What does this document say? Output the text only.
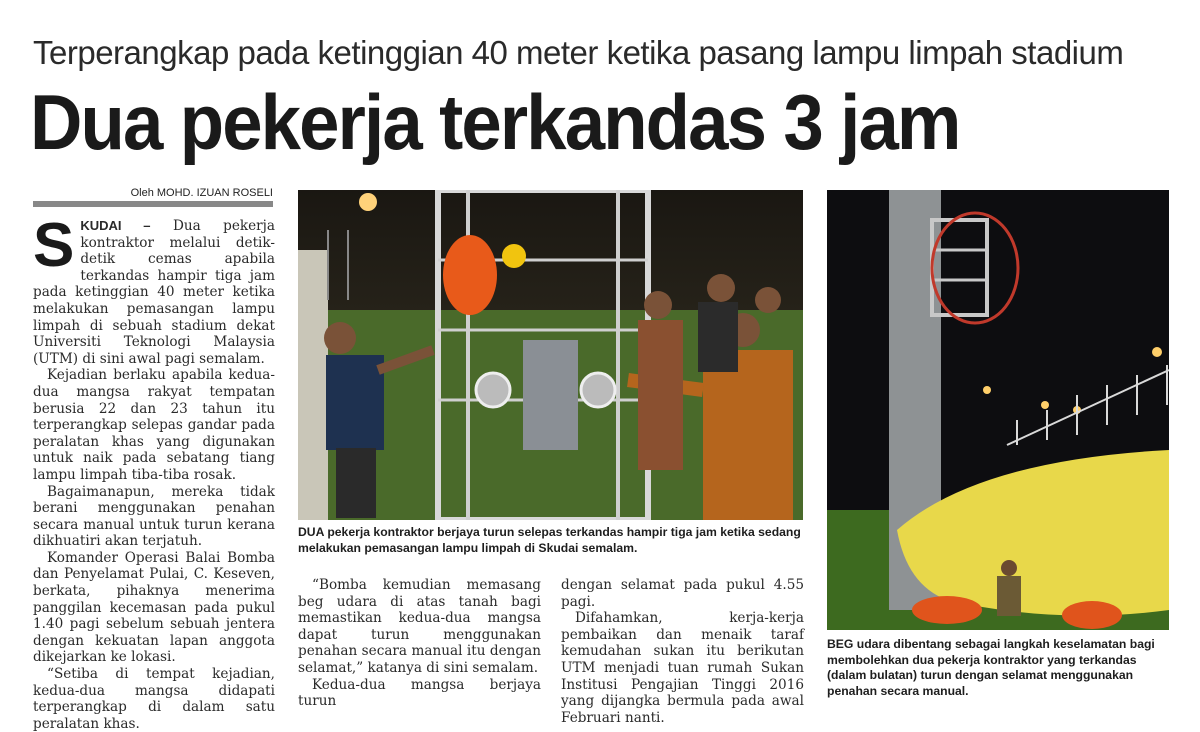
Terperangkap pada ketinggian 40 meter ketika pasang lampu limpah stadium
Dua pekerja terkandas 3 jam
Oleh MOHD. IZUAN ROSELI

SKUDAI – Dua pekerja kontraktor melalui detik-detik cemas apabila terkandas hampir tiga jam pada ketinggian 40 meter ketika melakukan pemasangan lampu limpah di sebuah stadium dekat Universiti Teknologi Malaysia (UTM) di sini awal pagi semalam.

Kejadian berlaku apabila kedua-dua mangsa rakyat tempatan berusia 22 dan 23 tahun itu terperangkap selepas gandar pada peralatan khas yang digunakan untuk naik pada sebatang tiang lampu limpah tiba-tiba rosak.

Bagaimanapun, mereka tidak berani menggunakan penahan secara manual untuk turun kerana dikhuatiri akan terjatuh.

Komander Operasi Balai Bomba dan Penyelamat Pulai, C. Keseven, berkata, pihaknya menerima panggilan kecemasan pada pukul 1.40 pagi sebelum sebuah jentera dengan kekuatan lapan anggota dikejarkan ke lokasi.

“Setiba di tempat kejadian, kedua-dua mangsa didapati terperangkap di dalam satu peralatan khas.

DUA pekerja kontraktor berjaya turun selepas terkandas hampir tiga jam ketika sedang melakukan pemasangan lampu limpah di Skudai semalam.

“Bomba kemudian memasang beg udara di atas tanah bagi memastikan kedua-dua mangsa dapat turun menggunakan penahan secara manual itu dengan selamat,” katanya di sini semalam.

Kedua-dua mangsa berjaya turun

dengan selamat pada pukul 4.55 pagi.

Difahamkan, kerja-kerja pembaikan dan menaik taraf kemudahan sukan itu berikutan UTM menjadi tuan rumah Sukan Institusi Pengajian Tinggi 2016 yang dijangka bermula pada awal Februari nanti.

BEG udara dibentang sebagai langkah keselamatan bagi membolehkan dua pekerja kontraktor yang terkandas (dalam bulatan) turun dengan selamat menggunakan penahan secara manual.
